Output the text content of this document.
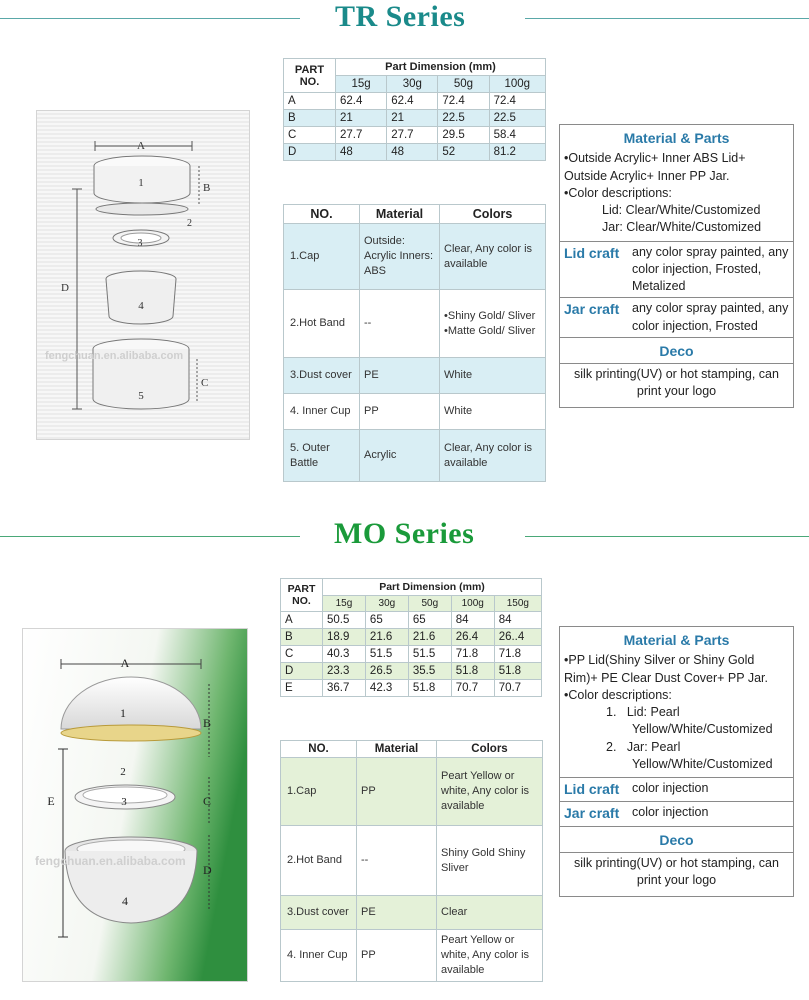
TR Series
A
1	B
2
3
4
D
5
C
fengchuan.en.alibaba.com
PART
NO.	Part Dimension (mm)			
	15g	30g	50g	100g
A	62.4	62.4	72.4	72.4
B	21	21	22.5	22.5
C	27.7	27.7	29.5	58.4
D	48	48	52	81.2
NO.	Material	Colors
1.Cap	Outside: Acrylic Inners: ABS	Clear, Any color is available
2.Hot Band	--	•Shiny Gold/ Sliver •Matte Gold/ Sliver
3.Dust cover	PE	White
4. Inner Cup	PP	White
5. Outer Battle	Acrylic	Clear, Any color is available
Material & Parts
•Outside Acrylic+ Inner ABS Lid+
Outside Acrylic+ Inner PP Jar.
•Color descriptions:
Lid: Clear/White/Customized
Jar: Clear/White/Customized
Lid craft	any color spray painted, any color injection, Frosted, Metalized
Jar craft	any color spray painted, any color injection, Frosted
Deco
silk printing(UV) or hot stamping, can print your logo
MO Series
A
1
B
2
3	C
E
4
D
fengchuan.en.alibaba.com
PART
NO.	Part Dimension (mm)				
	15g	30g	50g	100g	150g
A	50.5	65	65	84	84
B	18.9	21.6	21.6	26.4	26..4
C	40.3	51.5	51.5	71.8	71.8
D	23.3	26.5	35.5	51.8	51.8
E	36.7	42.3	51.8	70.7	70.7
NO.	Material	Colors
1.Cap	PP	Peart Yellow or white, Any color is available
2.Hot Band	--	Shiny Gold Shiny Sliver
3.Dust cover	PE	Clear
4. Inner Cup	PP	Peart Yellow or white, Any color is available
Material & Parts
•PP Lid(Shiny Silver or Shiny Gold
Rim)+ PE Clear Dust Cover+ PP Jar.
•Color descriptions:
1. Lid: Pearl
Yellow/White/Customized
2. Jar: Pearl
Yellow/White/Customized
Lid craft	color injection
Jar craft	color injection
Deco
silk printing(UV) or hot stamping, can print your logo
